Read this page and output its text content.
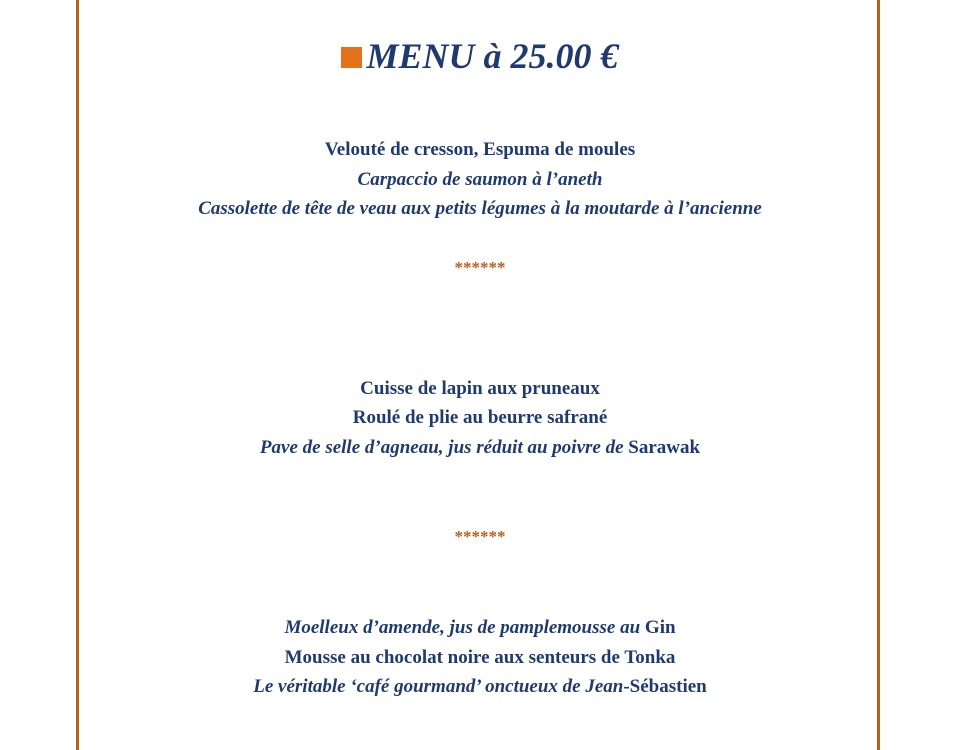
MENU à 25.00 €
Velouté de cresson, Espuma de moules
Carpaccio de saumon à l’aneth
Cassolette de tête de veau aux petits légumes à la moutarde à l’ancienne
******
Cuisse de lapin aux pruneaux
Roulé de plie au beurre safrané
Pave de selle d’agneau, jus réduit au poivre de Sarawak
******
Moelleux d’amende, jus de pamplemousse au Gin
Mousse au chocolat noire aux senteurs de Tonka
Le véritable ‘café gourmand’ onctueux de Jean-Sébastien
